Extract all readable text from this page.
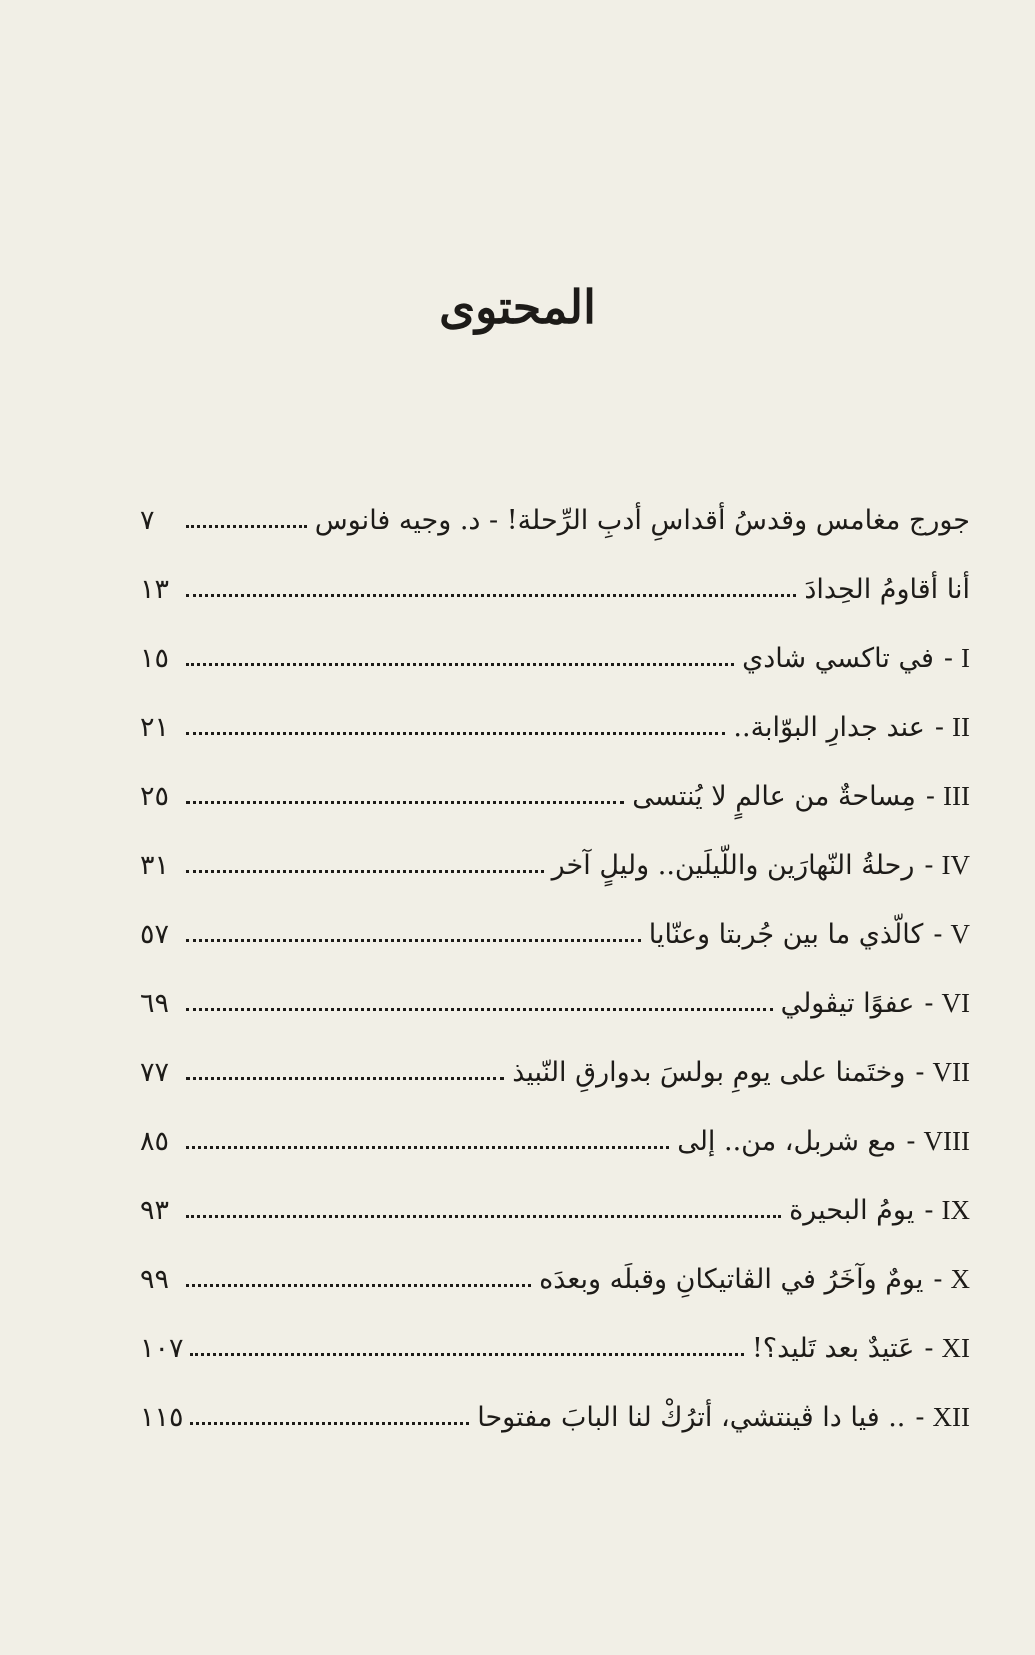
المحتوى
جورج مغامس وقدسُ أقداسِ أدبِ الرِّحلة! - د. وجيه فانوس
٧
أنا أقاومُ الحِدادَ
١٣
I
-
في تاكسي شادي
١٥
II
-
عند جدارِ البوّابة..
٢١
III
-
مِساحةٌ من عالمٍ لا يُنتسى
٢٥
IV
-
رحلةُ النّهارَين واللّيلَين.. وليلٍ آخر
٣١
V
-
كالّذي ما بين جُربتا وعنّايا
٥٧
VI
-
عفوًا تيڤولي
٦٩
VII
-
وختَمنا على يومِ بولسَ بدوارقِ النّبيذ
٧٧
VIII
-
مع شربل، من.. إلى
٨٥
IX
-
يومُ البحيرة
٩٣
X
-
يومٌ وآخَرُ في الڤاتيكانِ وقبلَه وبعدَه
٩٩
XI
-
عَتيدٌ بعد تَليد؟!
١٠٧
XII
-
.. فيا دا ڤينتشي، أترُكْ لنا البابَ مفتوحا
١١٥
